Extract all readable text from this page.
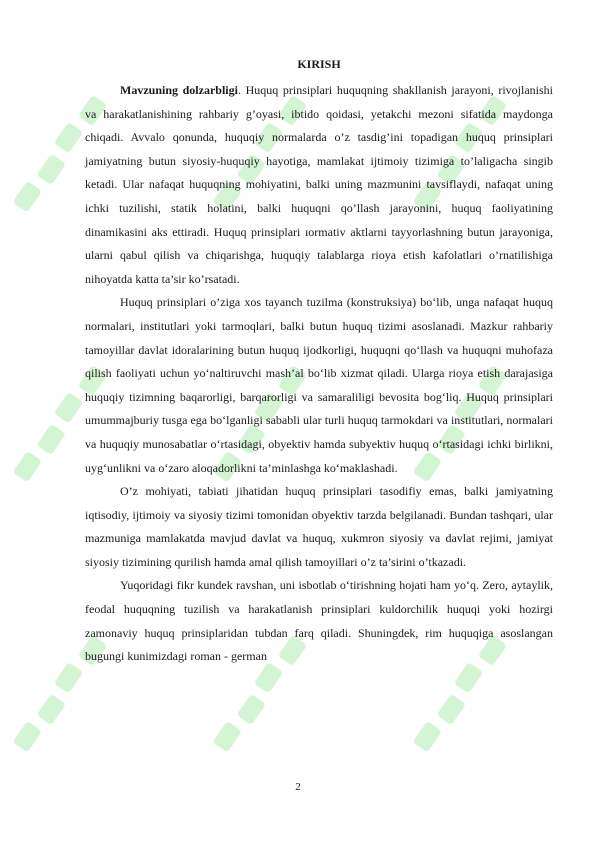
KIRISH

Mavzuning dolzarbligi. Huquq prinsiplari huquqning shakllanish jarayoni, rivojlanishi va harakatlanishining rahbariy g’oyasi, ibtido qoidasi, yetakchi mezoni sifatida maydonga chiqadi. Avvalo qonunda, huquqiy normalarda o’z tasdig’ini topadigan huquq prinsiplari jamiyatning butun siyosiy-huquqiy hayotiga, mamlakat ijtimoiy tizimiga to’laligacha singib ketadi. Ular nafaqat huquqning mohiyatini, balki uning mazmunini tavsiflaydi, nafaqat uning ichki tuzilishi, statik holatini, balki huquqni qo’llash jarayonini, huquq faoliyatining dinamikasini aks ettiradi. Huquq prinsiplari ıormativ aktlarni tayyorlashning butun jarayoniga, ularni qabul qilish va chiqarishga, huquqiy talablarga rioya etish kafolatlari o’rnatilishiga nihoyatda katta ta’sir ko’rsatadi.

Huquq prinsiplari o’ziga xos tayanch tuzilma (konstruksiya) bo‘lib, unga nafaqat huquq normalari, institutlari yoki tarmoqlari, balki butun huquq tizimi asoslanadi. Mazkur rahbariy tamoyillar davlat idoralarining butun huquq ijodkorligi, huquqni qo‘llash va huquqni muhofaza qilish faoliyati uchun yo‘naltiruvchi mash’al bo‘lib xizmat qiladi. Ularga rioya etish darajasiga huquqiy tizimning baqarorligi, barqarorligi va samaraliligi bevosita bog‘liq. Huquq prinsiplari umummajburiy tusga ega bo‘lganligi sababli ular turli huquq tarmokdari va institutlari, normalari va huquqiy munosabatlar o‘rtasidagi, obyektiv hamda subyektiv huquq o‘rtasidagi ichki birlikni, uyg‘unlikni va o‘zaro aloqadorlikni ta’minlashga ko‘maklashadi.

O’z mohiyati, tabiati jihatidan huquq prinsiplari tasodifiy emas, balki jamiyatning iqtisodiy, ijtimoiy va siyosiy tizimi tomonidan obyektiv tarzda belgilanadi. Bundan tashqari, ular mazmuniga mamlakatda mavjud davlat va huquq, xukmron siyosiy va davlat rejimi, jamiyat siyosiy tizimining qurilish hamda amal qilish tamoyillari o’z ta’sirini o’tkazadi.

Yuqoridagi fikr kundek ravshan, uni isbotlab o‘tirishning hojati ham yo‘q. Zero, aytaylik, feodal huquqning tuzilish va harakatlanish prinsiplari kuldorchilik huquqi yoki hozirgi zamonaviy huquq prinsiplaridan tubdan farq qiladi. Shuningdek, rim huquqiga asoslangan bugungi kunimizdagi roman - german

2
